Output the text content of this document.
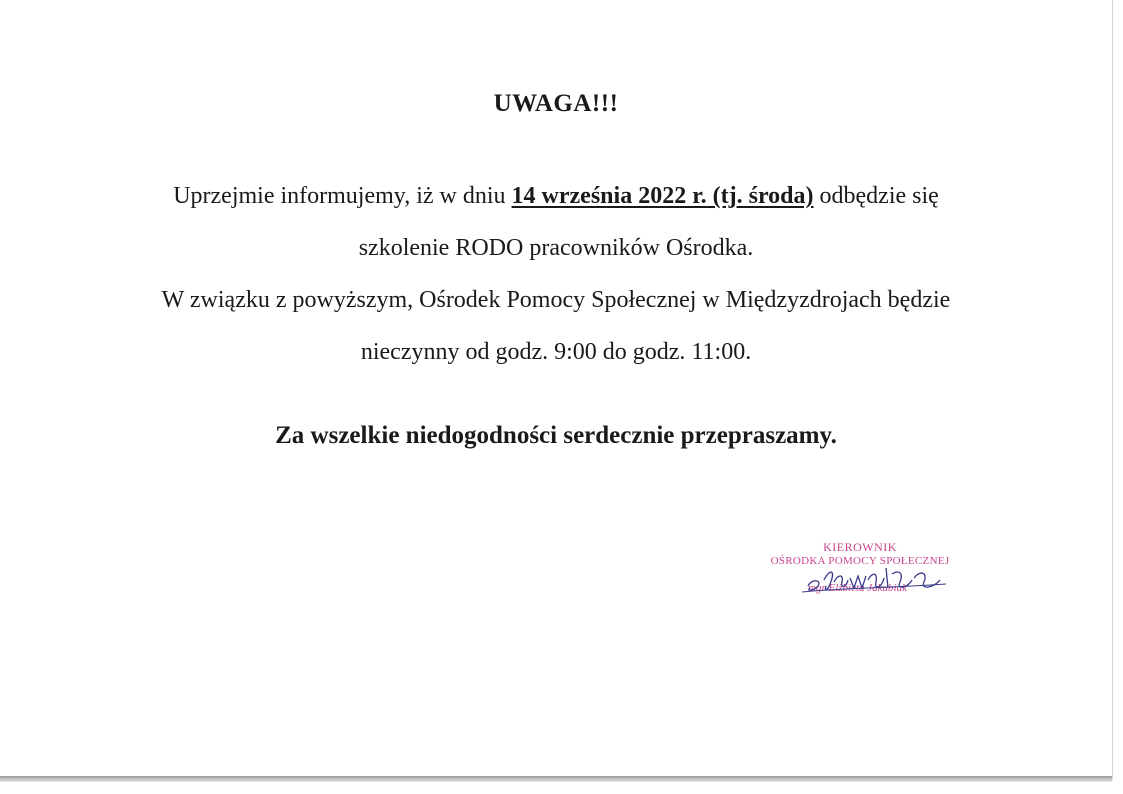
UWAGA!!!
Uprzejmie informujemy, iż w dniu 14 września 2022 r. (tj. środa) odbędzie się
szkolenie RODO pracowników Ośrodka.
W związku z powyższym, Ośrodek Pomocy Społecznej w Międzyzdrojach będzie
nieczynny od godz. 9:00 do godz. 11:00.
Za wszelkie niedogodności serdecznie przepraszamy.
KIEROWNIK
OŚRODKA POMOCY SPOŁECZNEJ
mgr Elżbieta Jakubiak
